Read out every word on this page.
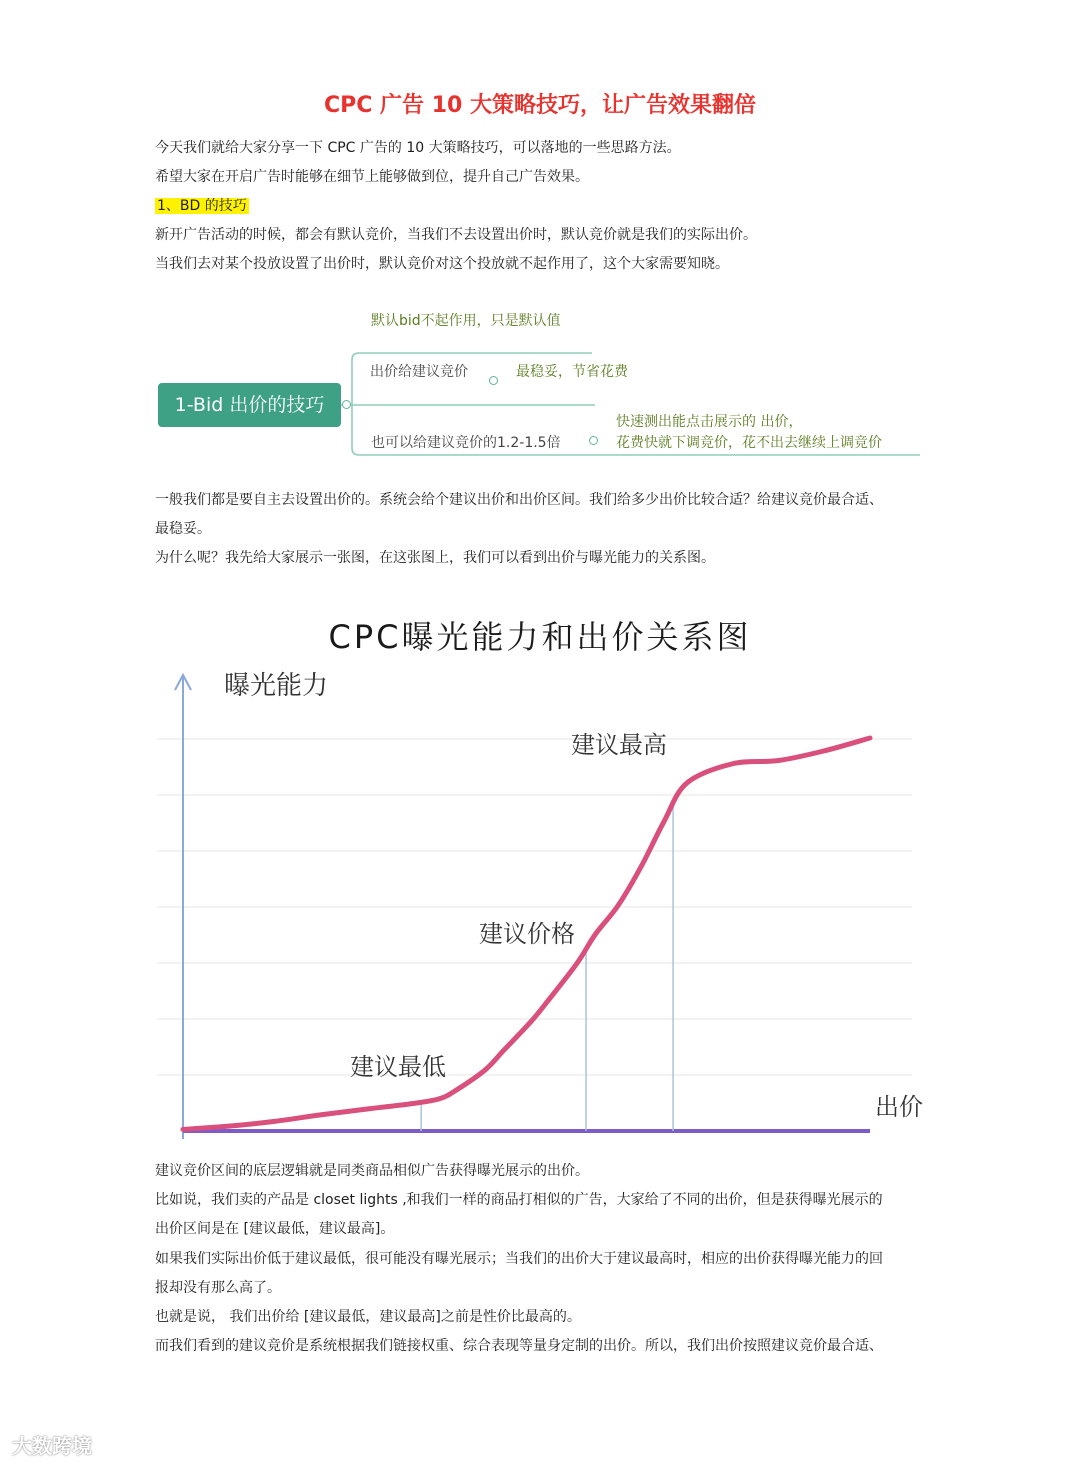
CPC 广告 10 大策略技巧，让广告效果翻倍

今天我们就给大家分享一下 CPC 广告的 10 大策略技巧，可以落地的一些思路方法。

希望大家在开启广告时能够在细节上能够做到位，提升自己广告效果。

1、BD 的技巧

新开广告活动的时候，都会有默认竞价，当我们不去设置出价时，默认竞价就是我们的实际出价。

当我们去对某个投放设置了出价时，默认竞价对这个投放就不起作用了，这个大家需要知晓。

1-Bid 出价的技巧
默认bid不起作用，只是默认值
出价给建议竞价	最稳妥，节省花费
也可以给建议竞价的1.2-1.5倍
快速测出能点击展示的 出价，
花费快就下调竞价，花不出去继续上调竞价

一般我们都是要自主去设置出价的。系统会给个建议出价和出价区间。我们给多少出价比较合适？给建议竞价最合适、

最稳妥。

为什么呢？我先给大家展示一张图，在这张图上，我们可以看到出价与曝光能力的关系图。

CPC曝光能力和出价关系图
曝光能力
出价
建议最低
建议价格
建议最高

建议竞价区间的底层逻辑就是同类商品相似广告获得曝光展示的出价。

比如说，我们卖的产品是 closet lights ,和我们一样的商品打相似的广告，大家给了不同的出价，但是获得曝光展示的

出价区间是在 [建议最低，建议最高]。

如果我们实际出价低于建议最低，很可能没有曝光展示；当我们的出价大于建议最高时，相应的出价获得曝光能力的回

报却没有那么高了。

也就是说， 我们出价给 [建议最低，建议最高]之前是性价比最高的。

而我们看到的建议竞价是系统根据我们链接权重、综合表现等量身定制的出价。所以，我们出价按照建议竞价最合适、

大数跨境
